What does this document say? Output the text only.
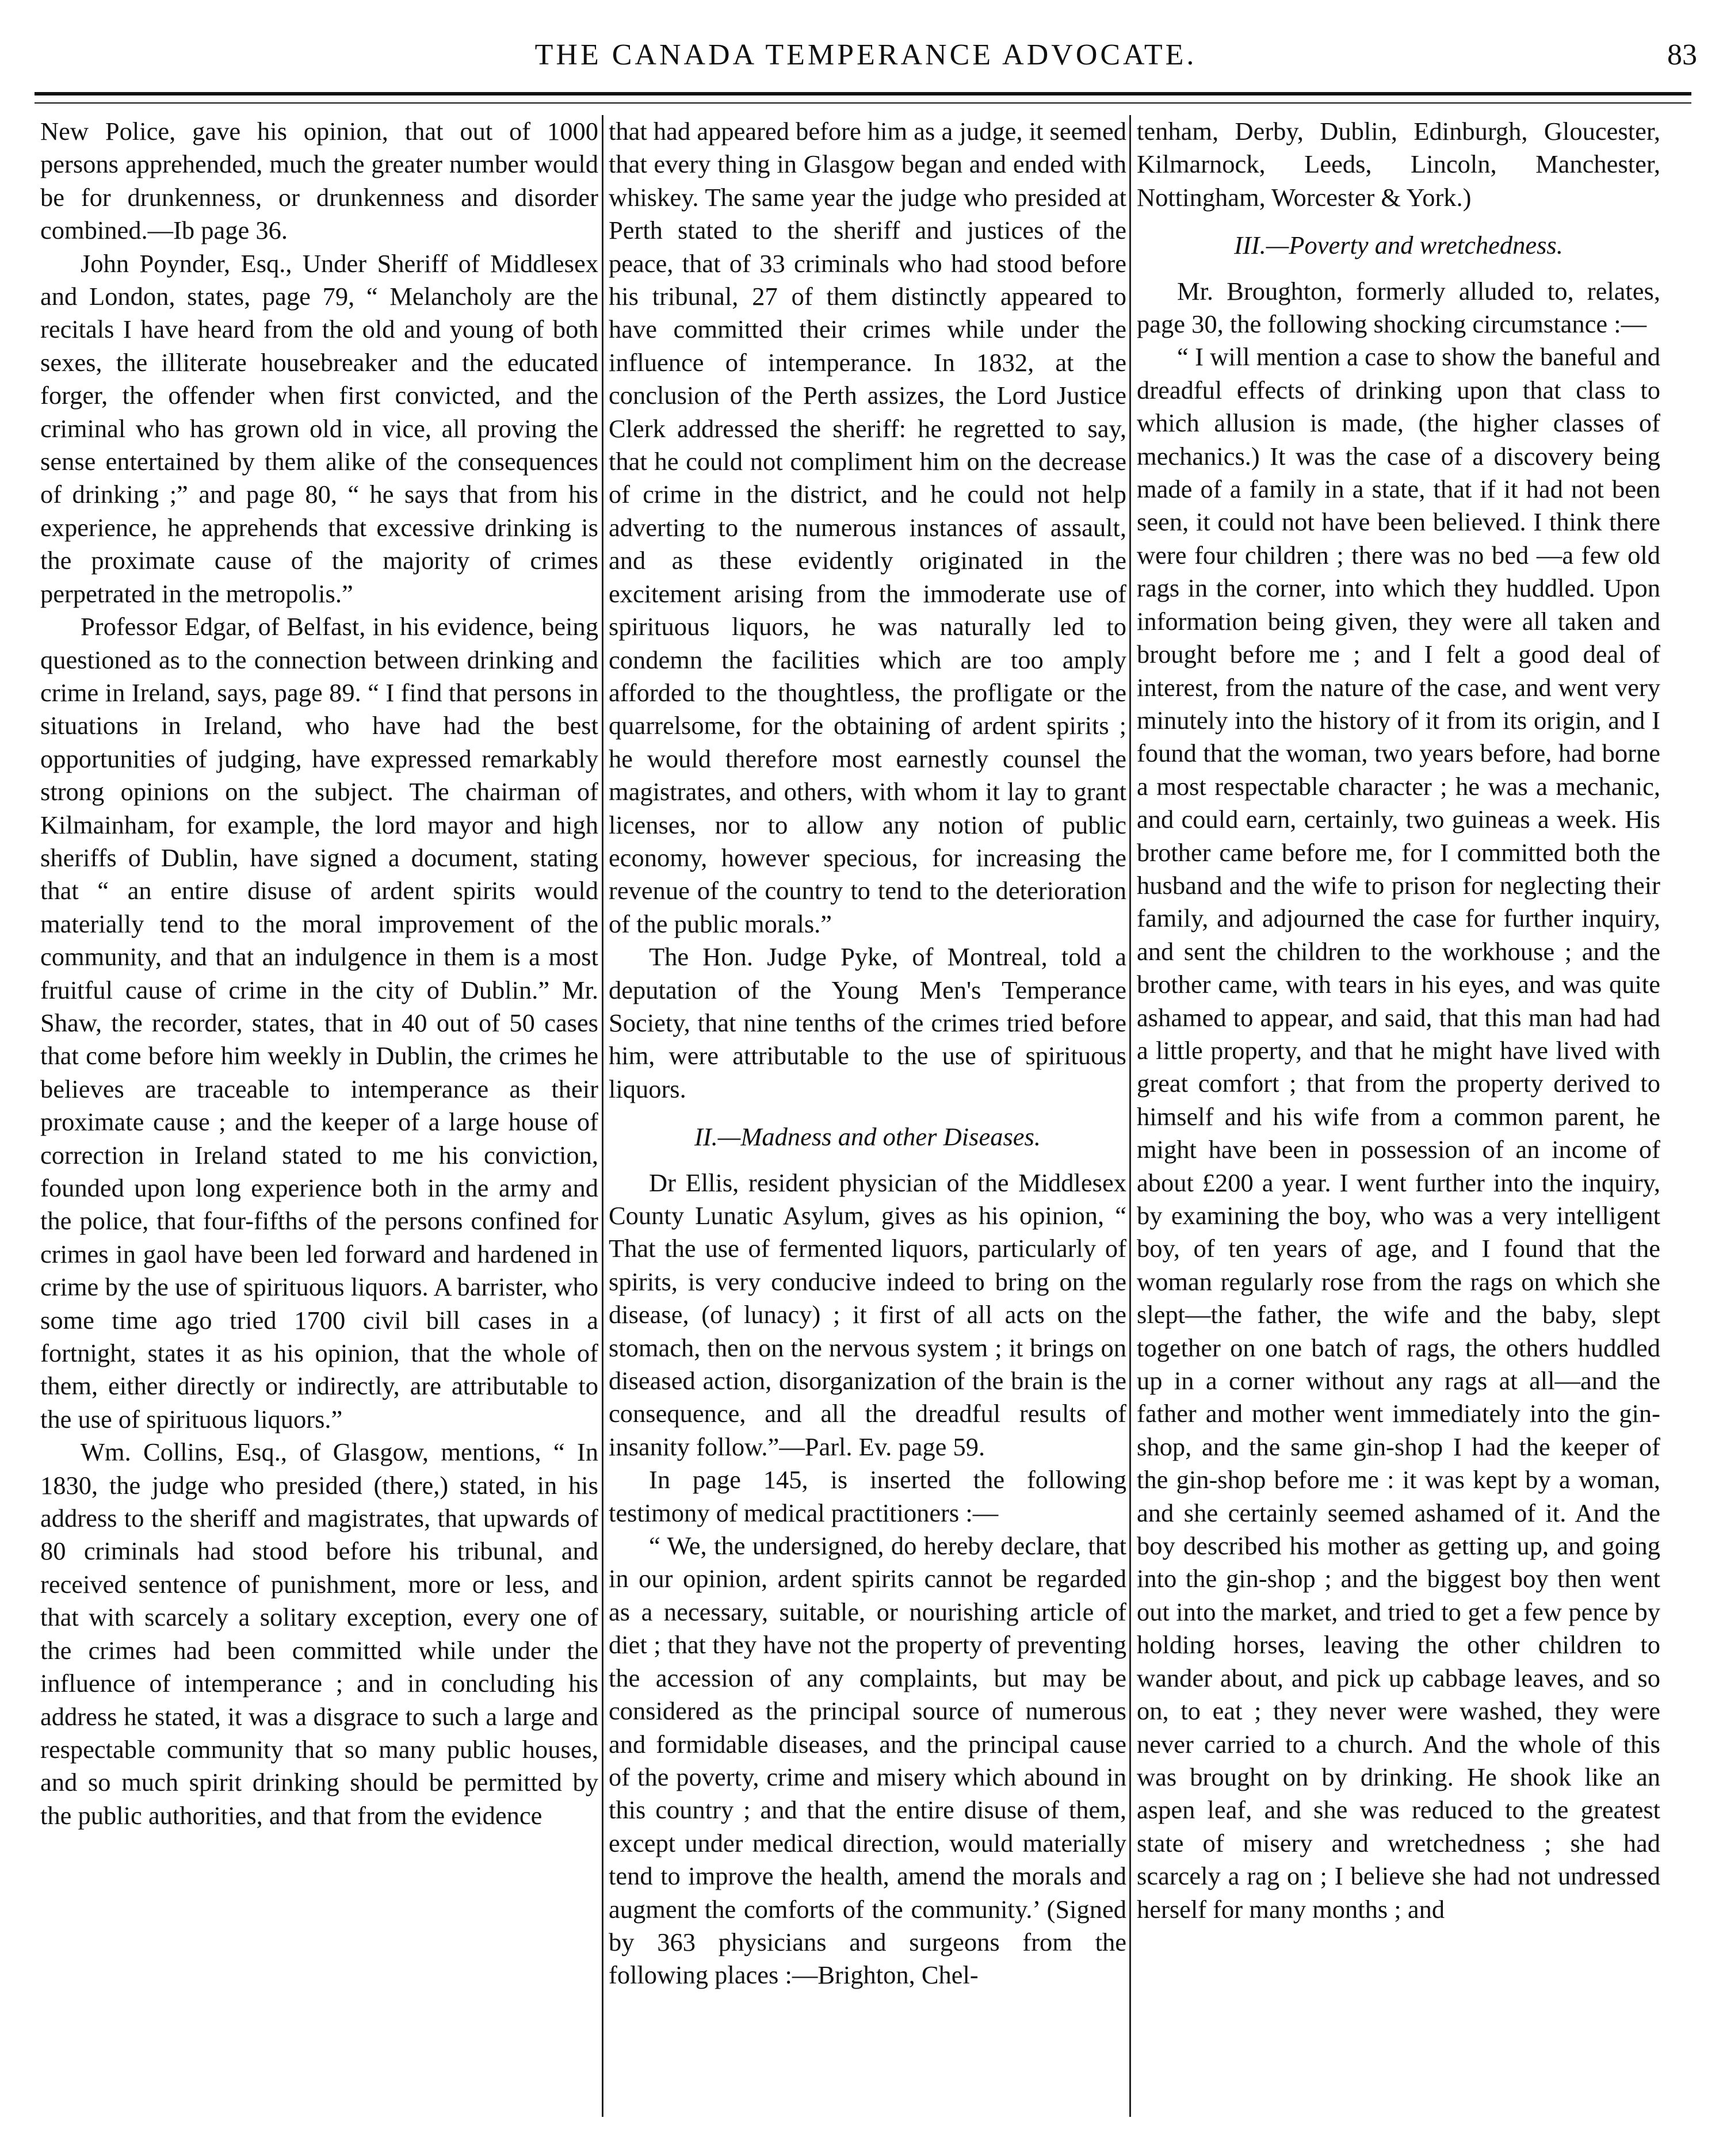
THE CANADA TEMPERANCE ADVOCATE.	83

New Police, gave his opinion, that out of 1000 persons apprehended, much the greater number would be for drunkenness, or drunkenness and disorder combined.—Ib page 36.

John Poynder, Esq., Under Sheriff of Middlesex and London, states, page 79, “ Melancholy are the recitals I have heard from the old and young of both sexes, the illiterate housebreaker and the educated forger, the offender when first convicted, and the criminal who has grown old in vice, all proving the sense entertained by them alike of the consequences of drinking ;” and page 80, “ he says that from his experience, he apprehends that excessive drinking is the proximate cause of the majority of crimes perpetrated in the metropolis.”

Professor Edgar, of Belfast, in his evidence, being questioned as to the connection between drinking and crime in Ireland, says, page 89. “ I find that persons in situations in Ireland, who have had the best opportunities of judging, have expressed remarkably strong opinions on the subject. The chairman of Kilmainham, for example, the lord mayor and high sheriffs of Dublin, have signed a document, stating that “ an entire disuse of ardent spirits would materially tend to the moral improvement of the community, and that an indulgence in them is a most fruitful cause of crime in the city of Dublin.” Mr. Shaw, the recorder, states, that in 40 out of 50 cases that come before him weekly in Dublin, the crimes he believes are traceable to intemperance as their proximate cause ; and the keeper of a large house of correction in Ireland stated to me his conviction, founded upon long experience both in the army and the police, that four-fifths of the persons confined for crimes in gaol have been led forward and hardened in crime by the use of spirituous liquors. A barrister, who some time ago tried 1700 civil bill cases in a fortnight, states it as his opinion, that the whole of them, either directly or indirectly, are attributable to the use of spirituous liquors.”

Wm. Collins, Esq., of Glasgow, mentions, “ In 1830, the judge who presided (there,) stated, in his address to the sheriff and magistrates, that upwards of 80 criminals had stood before his tribunal, and received sentence of punishment, more or less, and that with scarcely a solitary exception, every one of the crimes had been committed while under the influence of intemperance ; and in concluding his address he stated, it was a disgrace to such a large and respectable community that so many public houses, and so much spirit drinking should be permitted by the public authorities, and that from the evidence

that had appeared before him as a judge, it seemed that every thing in Glasgow began and ended with whiskey. The same year the judge who presided at Perth stated to the sheriff and justices of the peace, that of 33 criminals who had stood before his tribunal, 27 of them distinctly appeared to have committed their crimes while under the influence of intemperance. In 1832, at the conclusion of the Perth assizes, the Lord Justice Clerk addressed the sheriff: he regretted to say, that he could not compliment him on the decrease of crime in the district, and he could not help adverting to the numerous instances of assault, and as these evidently originated in the excitement arising from the immoderate use of spirituous liquors, he was naturally led to condemn the facilities which are too amply afforded to the thoughtless, the profligate or the quarrelsome, for the obtaining of ardent spirits ; he would therefore most earnestly counsel the magistrates, and others, with whom it lay to grant licenses, nor to allow any notion of public economy, however specious, for increasing the revenue of the country to tend to the deterioration of the public morals.”

The Hon. Judge Pyke, of Montreal, told a deputation of the Young Men's Temperance Society, that nine tenths of the crimes tried before him, were attributable to the use of spirituous liquors.

II.—Madness and other Diseases.

Dr Ellis, resident physician of the Middlesex County Lunatic Asylum, gives as his opinion, “ That the use of fermented liquors, particularly of spirits, is very conducive indeed to bring on the disease, (of lunacy) ; it first of all acts on the stomach, then on the nervous system ; it brings on diseased action, disorganization of the brain is the consequence, and all the dreadful results of insanity follow.”—Parl. Ev. page 59.

In page 145, is inserted the following testimony of medical practitioners :—

“ We, the undersigned, do hereby declare, that in our opinion, ardent spirits cannot be regarded as a necessary, suitable, or nourishing article of diet ; that they have not the property of preventing the accession of any complaints, but may be considered as the principal source of numerous and formidable diseases, and the principal cause of the poverty, crime and misery which abound in this country ; and that the entire disuse of them, except under medical direction, would materially tend to improve the health, amend the morals and augment the comforts of the community.’ (Signed by 363 physicians and surgeons from the following places :—Brighton, Chel-

tenham, Derby, Dublin, Edinburgh, Gloucester, Kilmarnock, Leeds, Lincoln, Manchester, Nottingham, Worcester & York.)

III.—Poverty and wretchedness.

Mr. Broughton, formerly alluded to, relates, page 30, the following shocking circumstance :—

“ I will mention a case to show the baneful and dreadful effects of drinking upon that class to which allusion is made, (the higher classes of mechanics.) It was the case of a discovery being made of a family in a state, that if it had not been seen, it could not have been believed. I think there were four children ; there was no bed —a few old rags in the corner, into which they huddled. Upon information being given, they were all taken and brought before me ; and I felt a good deal of interest, from the nature of the case, and went very minutely into the history of it from its origin, and I found that the woman, two years before, had borne a most respectable character ; he was a mechanic, and could earn, certainly, two guineas a week. His brother came before me, for I committed both the husband and the wife to prison for neglecting their family, and adjourned the case for further inquiry, and sent the children to the workhouse ; and the brother came, with tears in his eyes, and was quite ashamed to appear, and said, that this man had had a little property, and that he might have lived with great comfort ; that from the property derived to himself and his wife from a common parent, he might have been in possession of an income of about £200 a year. I went further into the inquiry, by examining the boy, who was a very intelligent boy, of ten years of age, and I found that the woman regularly rose from the rags on which she slept—the father, the wife and the baby, slept together on one batch of rags, the others huddled up in a corner without any rags at all—and the father and mother went immediately into the gin-shop, and the same gin-shop I had the keeper of the gin-shop before me : it was kept by a woman, and she certainly seemed ashamed of it. And the boy described his mother as getting up, and going into the gin-shop ; and the biggest boy then went out into the market, and tried to get a few pence by holding horses, leaving the other children to wander about, and pick up cabbage leaves, and so on, to eat ; they never were washed, they were never carried to a church. And the whole of this was brought on by drinking. He shook like an aspen leaf, and she was reduced to the greatest state of misery and wretchedness ; she had scarcely a rag on ; I believe she had not undressed herself for many months ; and
